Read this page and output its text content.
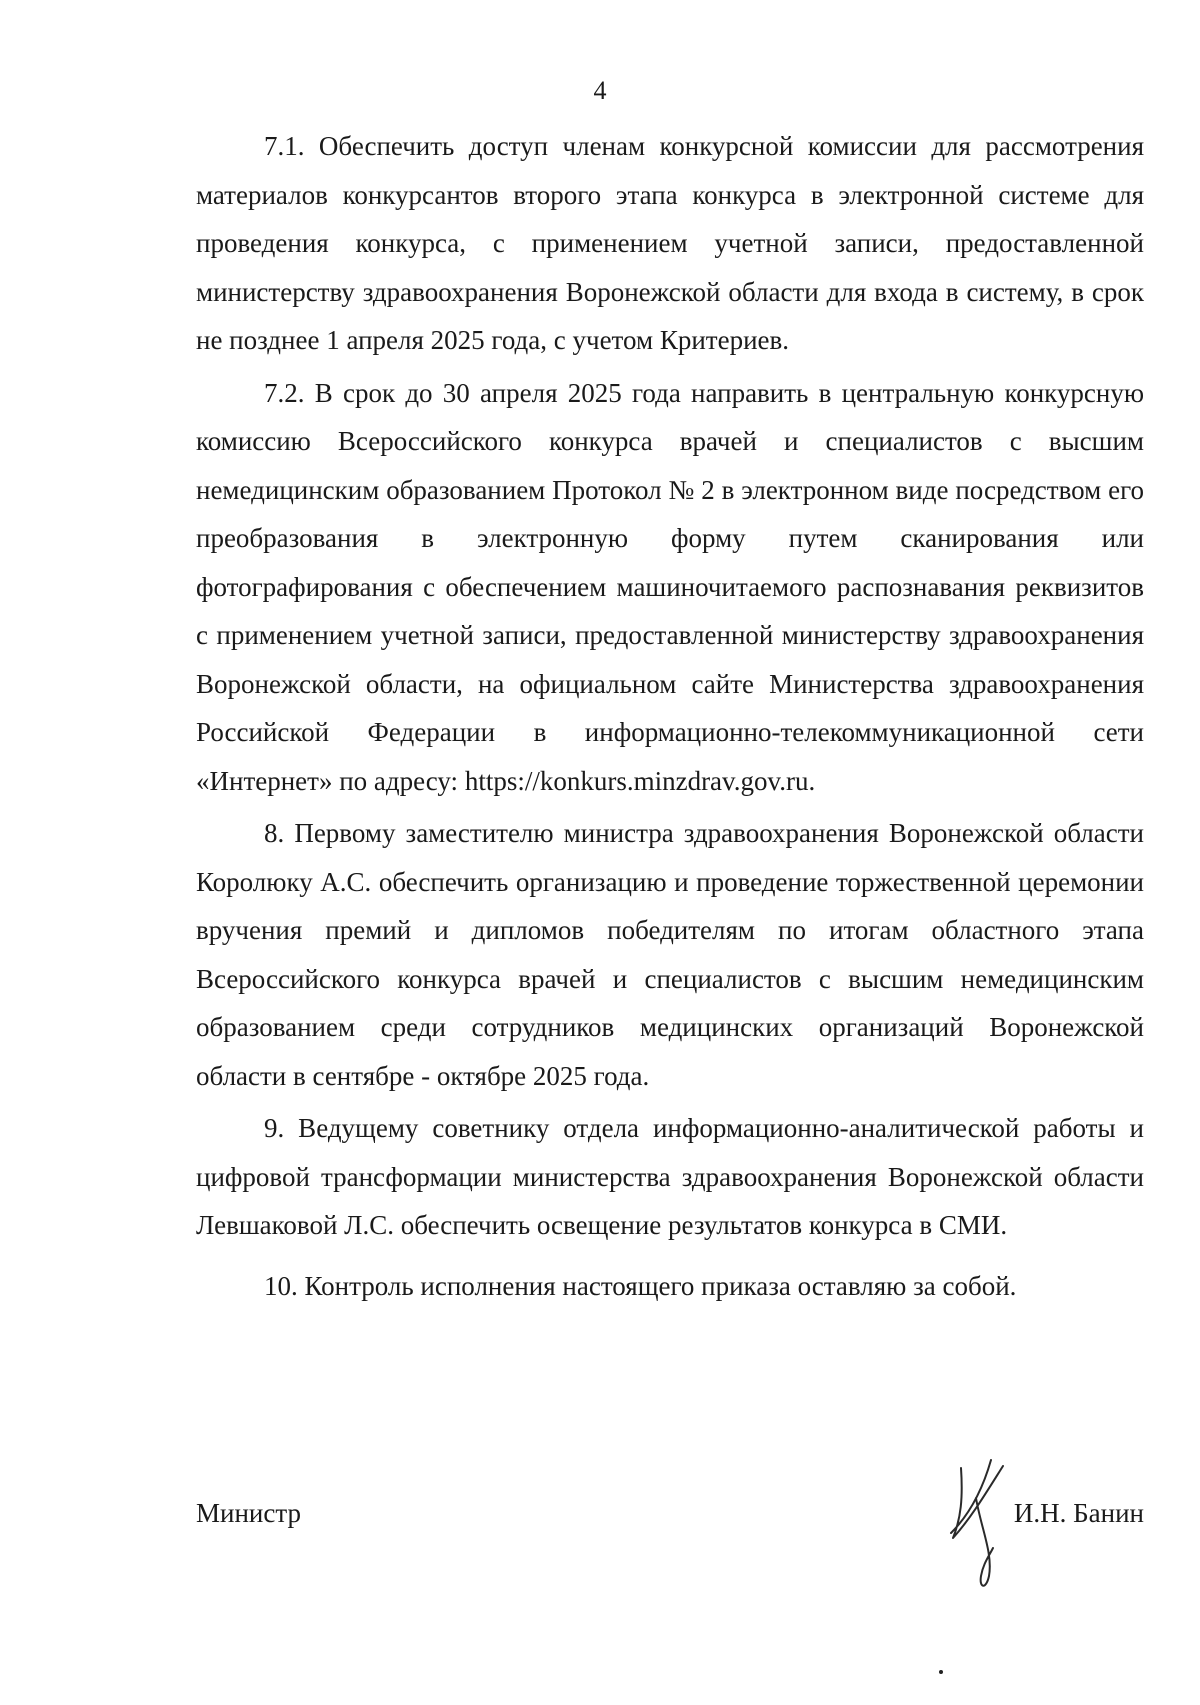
4

7.1. Обеспечить доступ членам конкурсной комиссии для рассмотрения материалов конкурсантов второго этапа конкурса в электронной системе для проведения конкурса, с применением учетной записи, предоставленной министерству здравоохранения Воронежской области для входа в систему, в срок не позднее 1 апреля 2025 года, с учетом Критериев.

7.2. В срок до 30 апреля 2025 года направить в центральную конкурсную комиссию Всероссийского конкурса врачей и специалистов с высшим немедицинским образованием Протокол № 2 в электронном виде посредством его преобразования в электронную форму путем сканирования или фотографирования с обеспечением машиночитаемого распознавания реквизитов с применением учетной записи, предоставленной министерству здравоохранения Воронежской области, на официальном сайте Министерства здравоохранения Российской Федерации в информационно-телекоммуникационной сети «Интернет» по адресу: https://konkurs.minzdrav.gov.ru.

8. Первому заместителю министра здравоохранения Воронежской области Королюку А.С. обеспечить организацию и проведение торжественной церемонии вручения премий и дипломов победителям по итогам областного этапа Всероссийского конкурса врачей и специалистов с высшим немедицинским образованием среди сотрудников медицинских организаций Воронежской области в сентябре - октябре 2025 года.

9. Ведущему советнику отдела информационно-аналитической работы и цифровой трансформации министерства здравоохранения Воронежской области Левшаковой Л.С. обеспечить освещение результатов конкурса в СМИ.

10. Контроль исполнения настоящего приказа оставляю за собой.

Министр	И.Н. Банин
